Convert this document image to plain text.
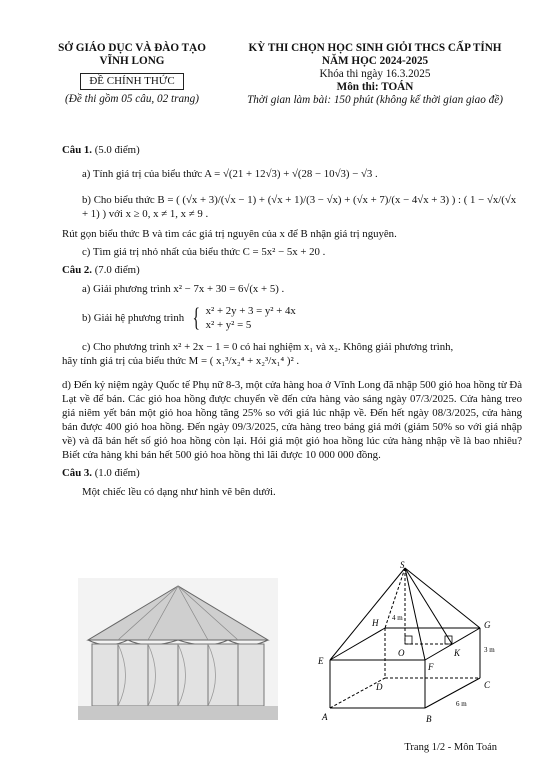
SỞ GIÁO DỤC VÀ ĐÀO TẠO
VĨNH LONG
ĐỀ CHÍNH THỨC
(Đề thi gồm 05 câu, 02 trang)
KỲ THI CHỌN HỌC SINH GIỎI THCS CẤP TỈNH
NĂM HỌC 2024-2025
Khóa thi ngày 16.3.2025
Môn thi: TOÁN
Thời gian làm bài: 150 phút (không kể thời gian giao đề)

Câu 1. (5.0 điểm)

a) Tính giá trị của biểu thức A = √(21 + 12√3) + √(28 − 10√3) − √3 .

b) Cho biểu thức B = ( (√x + 3)/(√x − 1) + (√x + 1)/(3 − √x) + (√x + 7)/(x − 4√x + 3) ) : ( 1 − √x/(√x + 1) ) với x ≥ 0, x ≠ 1, x ≠ 9 .

Rút gọn biểu thức B và tìm các giá trị nguyên của x để B nhận giá trị nguyên.

c) Tìm giá trị nhỏ nhất của biểu thức C = 5x² − 5x + 20 .

Câu 2. (7.0 điểm)

a) Giải phương trình x² − 7x + 30 = 6√(x + 5) .

b) Giải hệ phương trình { x² + 2y + 3 = y² + 4x
x² + y² = 5

c) Cho phương trình x² + 2x − 1 = 0 có hai nghiệm x₁ và x₂. Không giải phương trình,

hãy tính giá trị của biểu thức M = ( x₁³/x₂⁴ + x₂³/x₁⁴ )² .

d) Đến kỷ niệm ngày Quốc tế Phụ nữ 8-3, một cửa hàng hoa ở Vĩnh Long đã nhập 500 giỏ hoa hồng từ Đà Lạt về để bán. Các giỏ hoa hồng được chuyển về đến cửa hàng vào sáng ngày 07/3/2025. Cửa hàng treo giá niêm yết bán một giỏ hoa hồng tăng 25% so với giá lúc nhập về. Đến hết ngày 08/3/2025, cửa hàng bán được 400 giỏ hoa hồng. Đến ngày 09/3/2025, cửa hàng treo bảng giá mới (giảm 50% so với giá nhập về) và đã bán hết số giỏ hoa hồng còn lại. Hỏi giá một giỏ hoa hồng lúc cửa hàng nhập về là bao nhiêu? Biết cửa hàng khi bán hết 500 giỏ hoa hồng thì lãi được 10 000 000 đồng.

Câu 3. (1.0 điểm)

Một chiếc lều có dạng như hình vẽ bên dưới.

S
H	G
O	K
E
F
D	C
A	B
4 m
3 m
6 m
Trang 1/2 - Môn Toán
